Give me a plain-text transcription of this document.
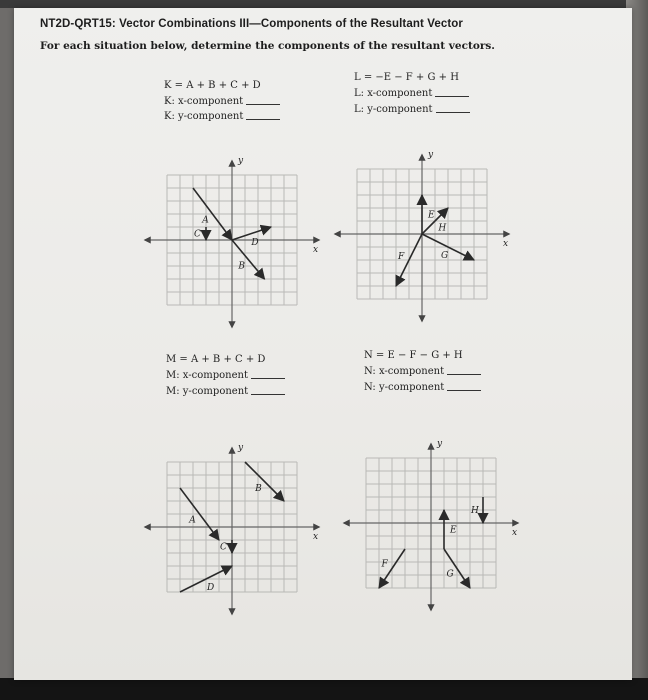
NT2D-QRT15: Vector Combinations III—Components of the Resultant Vector
For each situation below, determine the components of the resultant vectors.
K = A + B + C + D
K: x-component
K: y-component
x
y
A
B
C
D
L = −E − F + G + H
L: x-component
L: y-component
x
y
E
F	G
H
M = A + B + C + D
M: x-component
M: y-component
x
y
A
B
C
D
N = E − F − G + H
N: x-component
N: y-component
x
y
E
F
G
H
